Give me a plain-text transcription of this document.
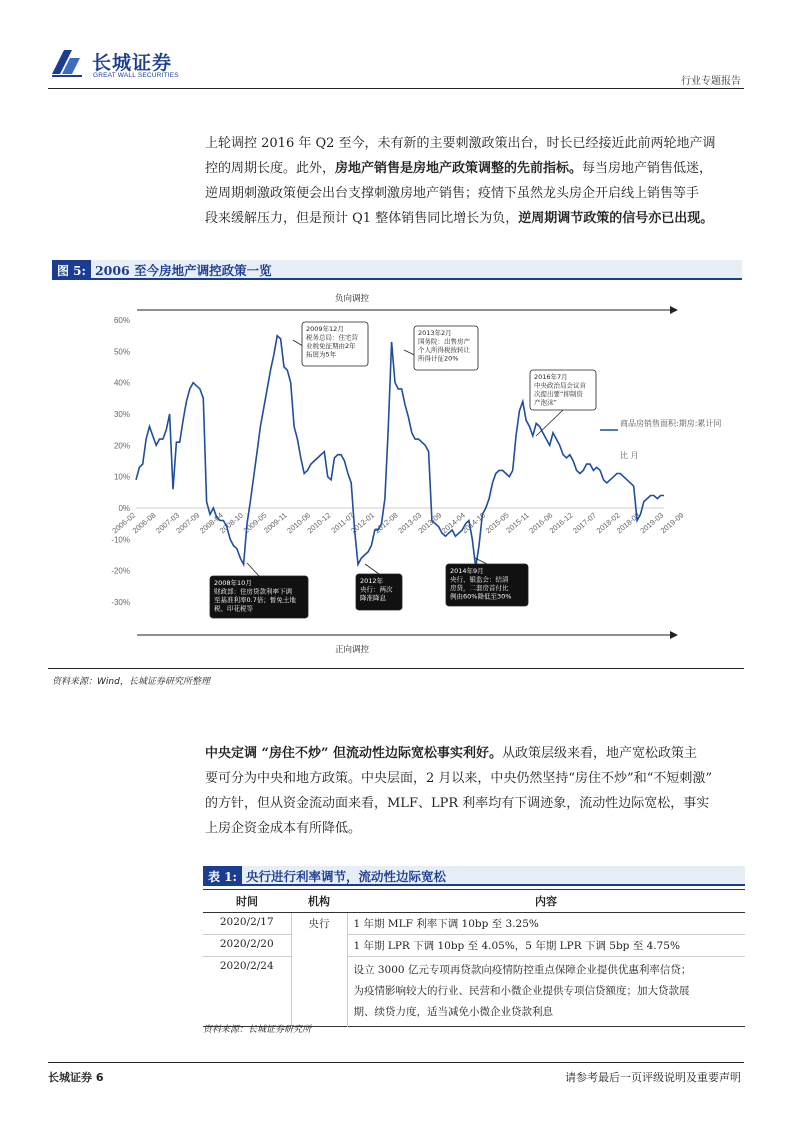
长城证券
GREAT WALL SECURITIES
行业专题报告
上轮调控 2016 年 Q2 至今，未有新的主要刺激政策出台，时长已经接近此前两轮地产调
控的周期长度。此外，房地产销售是房地产政策调整的先前指标。每当房地产销售低迷，
逆周期刺激政策便会出台支撑刺激房地产销售；疫情下虽然龙头房企开启线上销售等手
段来缓解压力，但是预计 Q1 整体销售同比增长为负，逆周期调节政策的信号亦已出现。
图 5: 2006 至今房地产调控政策一览
60%
50%
40%
30%
20%
10%
0%
-10%
-20%
-30%
2006-02
2006-08
2007-03
2007-09
2008-04
2008-10
2009-05
2009-11
2010-06
2010-12
2011-07
2012-01
2012-08
2013-03
2013-09
2014-04
2014-10
2015-05
2015-11
2016-06
2016-12
2017-07
2018-02
2018-08
2019-03
2019-09
商品房销售面积:期房:累计同
比 月
负向调控
正向调控
2009年12月
税务总局：住宅营
业税免征期由2年
拓展为5年
2013年2月
国务院：出售房产
个人所得税按转让
所得计征20%
2016年7月
中央政治局会议首
次提出要“抑制资
产泡沫”
2008年10月
财政部：住房贷款利率下调
至基准利率0.7倍；暂免土地
税、印花税等
2012年
央行：两次
降准降息
2014年9月
央行、银监会：结清
房贷，二套房首付比
例由60%降低至30%
资料来源：Wind，长城证券研究所整理
中央定调 “房住不炒” 但流动性边际宽松事实利好。从政策层级来看，地产宽松政策主
要可分为中央和地方政策。中央层面，2 月以来，中央仍然坚持“房住不炒”和“不短刺激”
的方针，但从资金流动面来看，MLF、LPR 利率均有下调迹象，流动性边际宽松，事实
上房企资金成本有所降低。
表 1: 央行进行利率调节，流动性边际宽松
时间	机构	内容
2020/2/17	央行	1 年期 MLF 利率下调 10bp 至 3.25%
2020/2/20		1 年期 LPR 下调 10bp 至 4.05%，5 年期 LPR 下调 5bp 至 4.75%
2020/2/24		设立 3000 亿元专项再贷款向疫情防控重点保障企业提供优惠利率信贷；
为疫情影响较大的行业、民营和小微企业提供专项信贷额度；加大贷款展
期、续贷力度，适当减免小微企业贷款利息
资料来源：长城证券研究所
长城证券 6	请参考最后一页评级说明及重要声明
